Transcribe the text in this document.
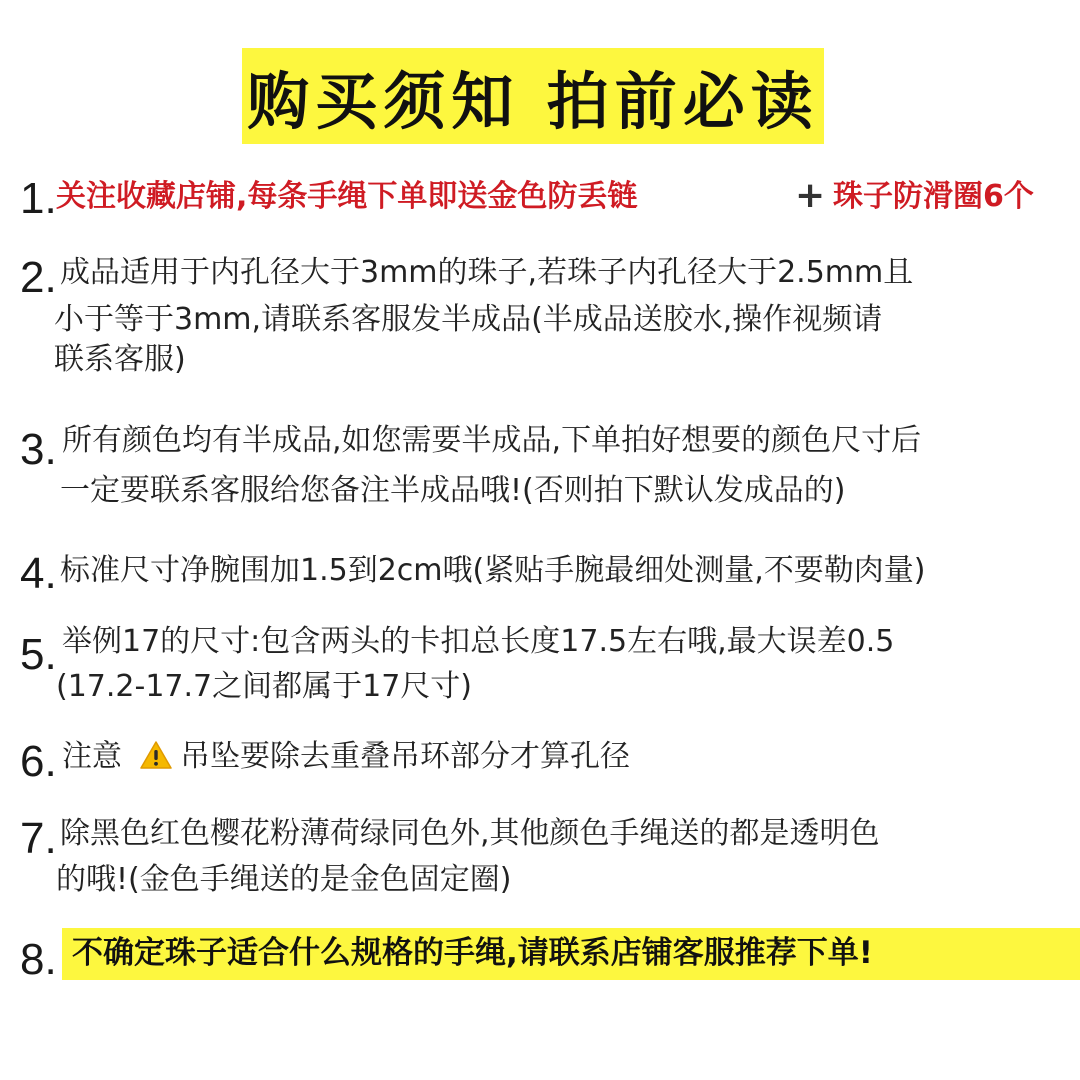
购买须知 拍前必读
1. 关注收藏店铺,每条手绳下单即送金色防丢链	+ 珠子防滑圈6个
2. 成品适用于内孔径大于3mm的珠子,若珠子内孔径大于2.5mm且
小于等于3mm,请联系客服发半成品(半成品送胶水,操作视频请
联系客服)
3. 所有颜色均有半成品,如您需要半成品,下单拍好想要的颜色尺寸后
一定要联系客服给您备注半成品哦!(否则拍下默认发成品的)
4. 标准尺寸净腕围加1.5到2cm哦(紧贴手腕最细处测量,不要勒肉量)
5. 举例17的尺寸:包含两头的卡扣总长度17.5左右哦,最大误差0.5
(17.2-17.7之间都属于17尺寸)
6. 注意 吊坠要除去重叠吊环部分才算孔径
7. 除黑色红色樱花粉薄荷绿同色外,其他颜色手绳送的都是透明色
的哦!(金色手绳送的是金色固定圈)
8. 不确定珠子适合什么规格的手绳,请联系店铺客服推荐下单!
